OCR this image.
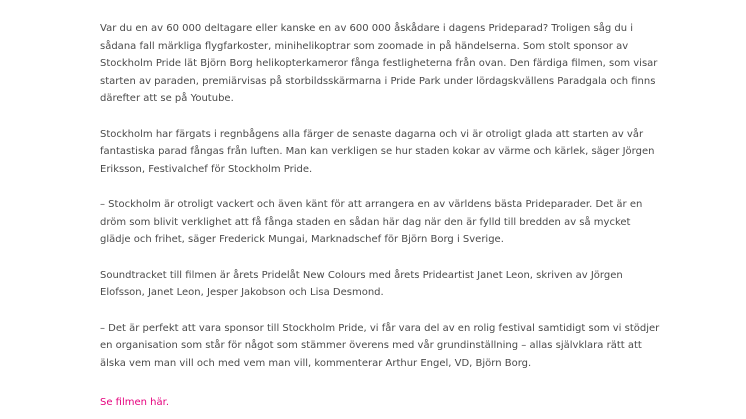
Var du en av 60 000 deltagare eller kanske en av 600 000 åskådare i dagens Prideparad? Troligen såg du i sådana fall märkliga flygfarkoster, minihelikoptrar som zoomade in på händelserna. Som stolt sponsor av Stockholm Pride lät Björn Borg helikopterkameror fånga festligheterna från ovan. Den färdiga filmen, som visar starten av paraden, premiärvisas på storbildsskärmarna i Pride Park under lördagskvällens Paradgala och finns därefter att se på Youtube.

Stockholm har färgats i regnbågens alla färger de senaste dagarna och vi är otroligt glada att starten av vår fantastiska parad fångas från luften. Man kan verkligen se hur staden kokar av värme och kärlek, säger Jörgen Eriksson, Festivalchef för Stockholm Pride.

– Stockholm är otroligt vackert och även känt för att arrangera en av världens bästa Prideparader. Det är en dröm som blivit verklighet att få fånga staden en sådan här dag när den är fylld till bredden av så mycket glädje och frihet, säger Frederick Mungai, Marknadschef för Björn Borg i Sverige.

Soundtracket till filmen är årets Pridelåt New Colours med årets Prideartist Janet Leon, skriven av Jörgen Elofsson, Janet Leon, Jesper Jakobson och Lisa Desmond.

– Det är perfekt att vara sponsor till Stockholm Pride, vi får vara del av en rolig festival samtidigt som vi stödjer en organisation som står för något som stämmer överens med vår grundinställning – allas självklara rätt att älska vem man vill och med vem man vill, kommenterar Arthur Engel, VD, Björn Borg.

Se filmen här.
